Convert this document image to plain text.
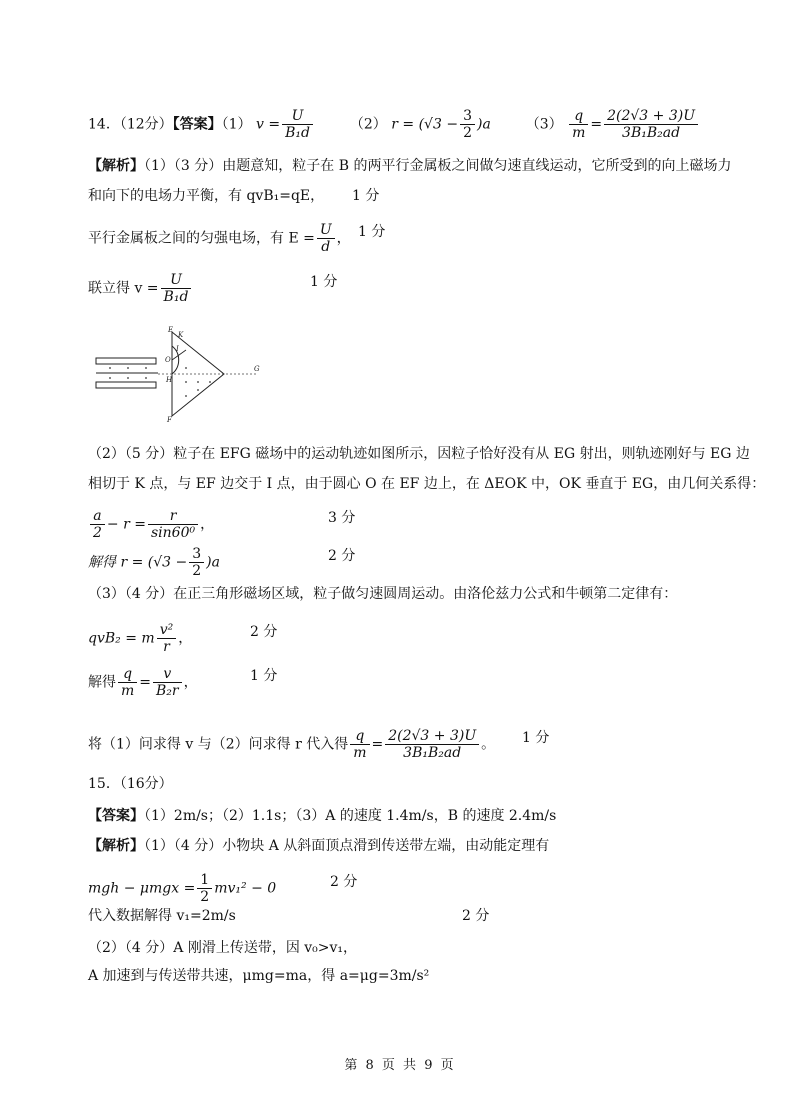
14．（12分）【答案】（1） $v = \frac{U}{\text{B₁d}}$	（2） $r = (√3 - \frac{3}{2} )a$ $(3) \frac{q}{m} = \frac{2(2√3 + 3)U}{\text{3B₁B₂ad}}$
【解析】（1）（3 分）由题意知，粒子在 B 的两平行金属板之间做匀速直线运动，它所受到的向上磁场力
和向下的电场力平衡，有 qvB₁=qE， 1 分
平行金属板之间的匀强电场，有 $E = \frac{U}{d}$ ， 1 分
联立得 $v = \frac{U}{\text{B₁d}}$	1 分
E
K
I
O
H
F
G
（2）（5 分）粒子在 EFG 磁场中的运动轨迹如图所示，因粒子恰好没有从 EG 射出，则轨迹刚好与 EG 边
相切于 K 点，与 EF 边交于 I 点，由于圆心 O 在 EF 边上，在 ΔEOK 中，OK 垂直于 EG，由几何关系得：
$\frac{a}{2} - r = \frac{r}{\text{sin60⁰}}$ ，	3 分
解得 $r = (√3 - \frac{3}{2} )a$	2 分
（3）（4 分）在正三角形磁场区域，粒子做匀速圆周运动。由洛伦兹力公式和牛顿第二定律有：
qvB₂ = m $\frac{\text{v²}}{r}$ ，	2 分
解得 $\frac{q}{m} = \frac{v}{\text{B₂r}}$ ，	1 分
将（1）问求得 v 与（2）问求得 r 代入得 $\frac{q}{m} = \frac{2(2√3 + 3)U}{\text{3B₁B₂ad}}$ 。 1 分
15．（16分）
【答案】（1）2m/s；（2）1.1s；（3）A 的速度 1.4m/s，B 的速度 2.4m/s
【解析】（1）（4 分）小物块 A 从斜面顶点滑到传送带左端，由动能定理有
mgh − $\mu mgx = \frac{1}{2} mv_1^2 - 0$	2 分
代入数据解得 v₁=2m/s	2 分
（2）（4 分）A 刚滑上传送带，因 v₀>v₁，
A 加速到与传送带共速，μmg=ma，得 a=μg=3m/s²
第 8 页 共 9 页
